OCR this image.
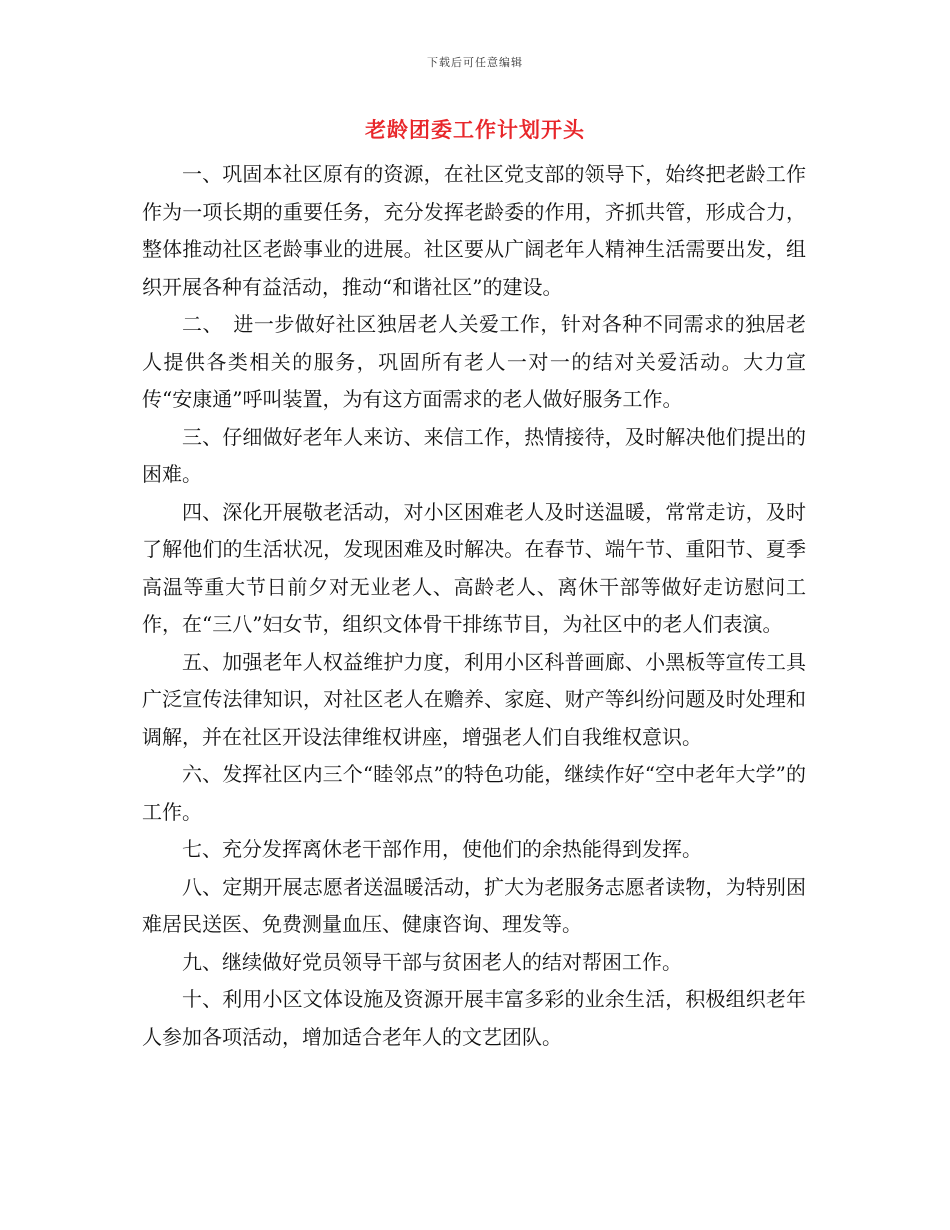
下载后可任意编辑
老龄团委工作计划开头

一、巩固本社区原有的资源，在社区党支部的领导下，始终把老龄工作作为一项长期的重要任务，充分发挥老龄委的作用，齐抓共管，形成合力，整体推动社区老龄事业的进展。社区要从广阔老年人精神生活需要出发，组织开展各种有益活动，推动“和谐社区”的建设。

二、　进一步做好社区独居老人关爱工作，针对各种不同需求的独居老人提供各类相关的服务，巩固所有老人一对一的结对关爱活动。大力宣传“安康通”呼叫装置，为有这方面需求的老人做好服务工作。

三、仔细做好老年人来访、来信工作，热情接待，及时解决他们提出的困难。

四、深化开展敬老活动，对小区困难老人及时送温暖，常常走访，及时了解他们的生活状况，发现困难及时解决。在春节、端午节、重阳节、夏季高温等重大节日前夕对无业老人、高龄老人、离休干部等做好走访慰问工作，在“三八”妇女节，组织文体骨干排练节目，为社区中的老人们表演。

五、加强老年人权益维护力度，利用小区科普画廊、小黑板等宣传工具广泛宣传法律知识，对社区老人在赡养、家庭、财产等纠纷问题及时处理和调解，并在社区开设法律维权讲座，增强老人们自我维权意识。

六、发挥社区内三个“睦邻点”的特色功能，继续作好“空中老年大学”的工作。

七、充分发挥离休老干部作用，使他们的余热能得到发挥。

八、定期开展志愿者送温暖活动，扩大为老服务志愿者读物，为特别困难居民送医、免费测量血压、健康咨询、理发等。

九、继续做好党员领导干部与贫困老人的结对帮困工作。

十、利用小区文体设施及资源开展丰富多彩的业余生活，积极组织老年人参加各项活动，增加适合老年人的文艺团队。
